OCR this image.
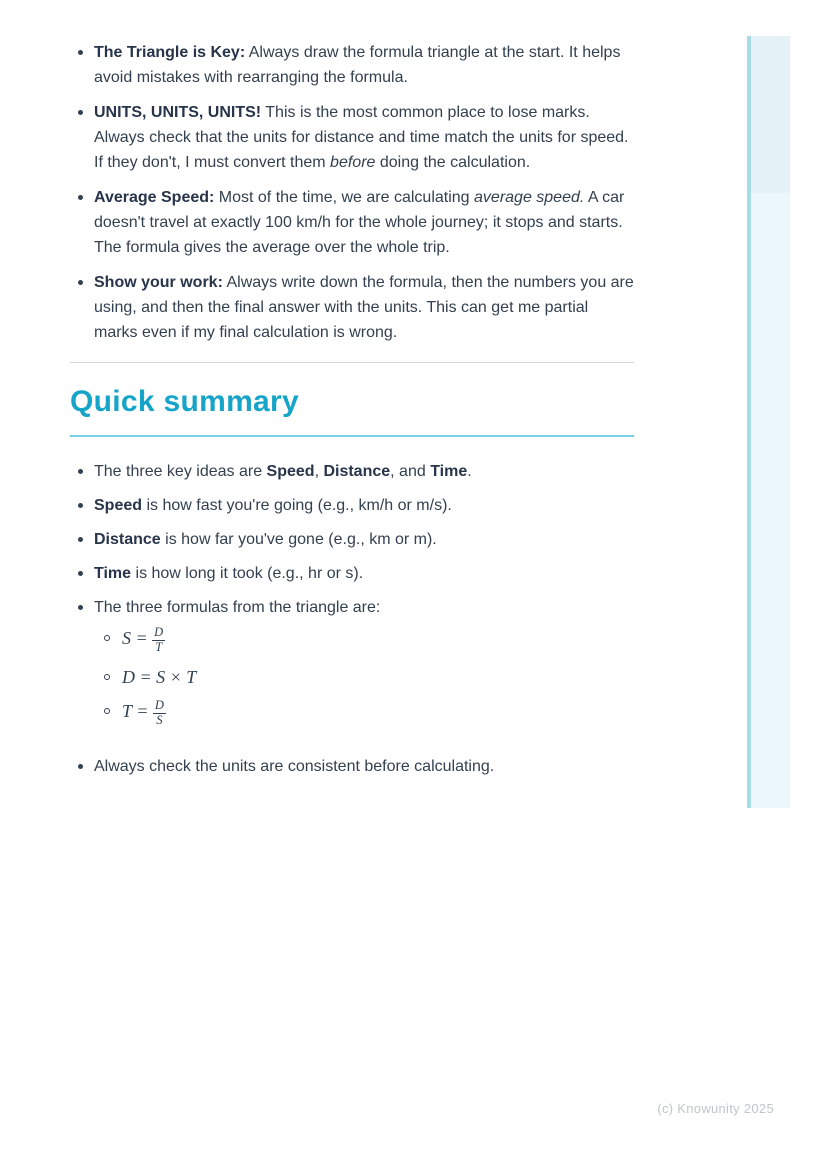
The Triangle is Key: Always draw the formula triangle at the start. It helps avoid mistakes with rearranging the formula.
UNITS, UNITS, UNITS! This is the most common place to lose marks. Always check that the units for distance and time match the units for speed. If they don't, I must convert them before doing the calculation.
Average Speed: Most of the time, we are calculating average speed. A car doesn't travel at exactly 100 km/h for the whole journey; it stops and starts. The formula gives the average over the whole trip.
Show your work: Always write down the formula, then the numbers you are using, and then the final answer with the units. This can get me partial marks even if my final calculation is wrong.
Quick summary
The three key ideas are Speed, Distance, and Time.
Speed is how fast you're going (e.g., km/h or m/s).
Distance is how far you've gone (e.g., km or m).
Time is how long it took (e.g., hr or s).
The three formulas from the triangle are:
$S = \frac{D}{T}$
D = S × T
$T = \frac{D}{S}$
Always check the units are consistent before calculating.
(c) Knowunity 2025
